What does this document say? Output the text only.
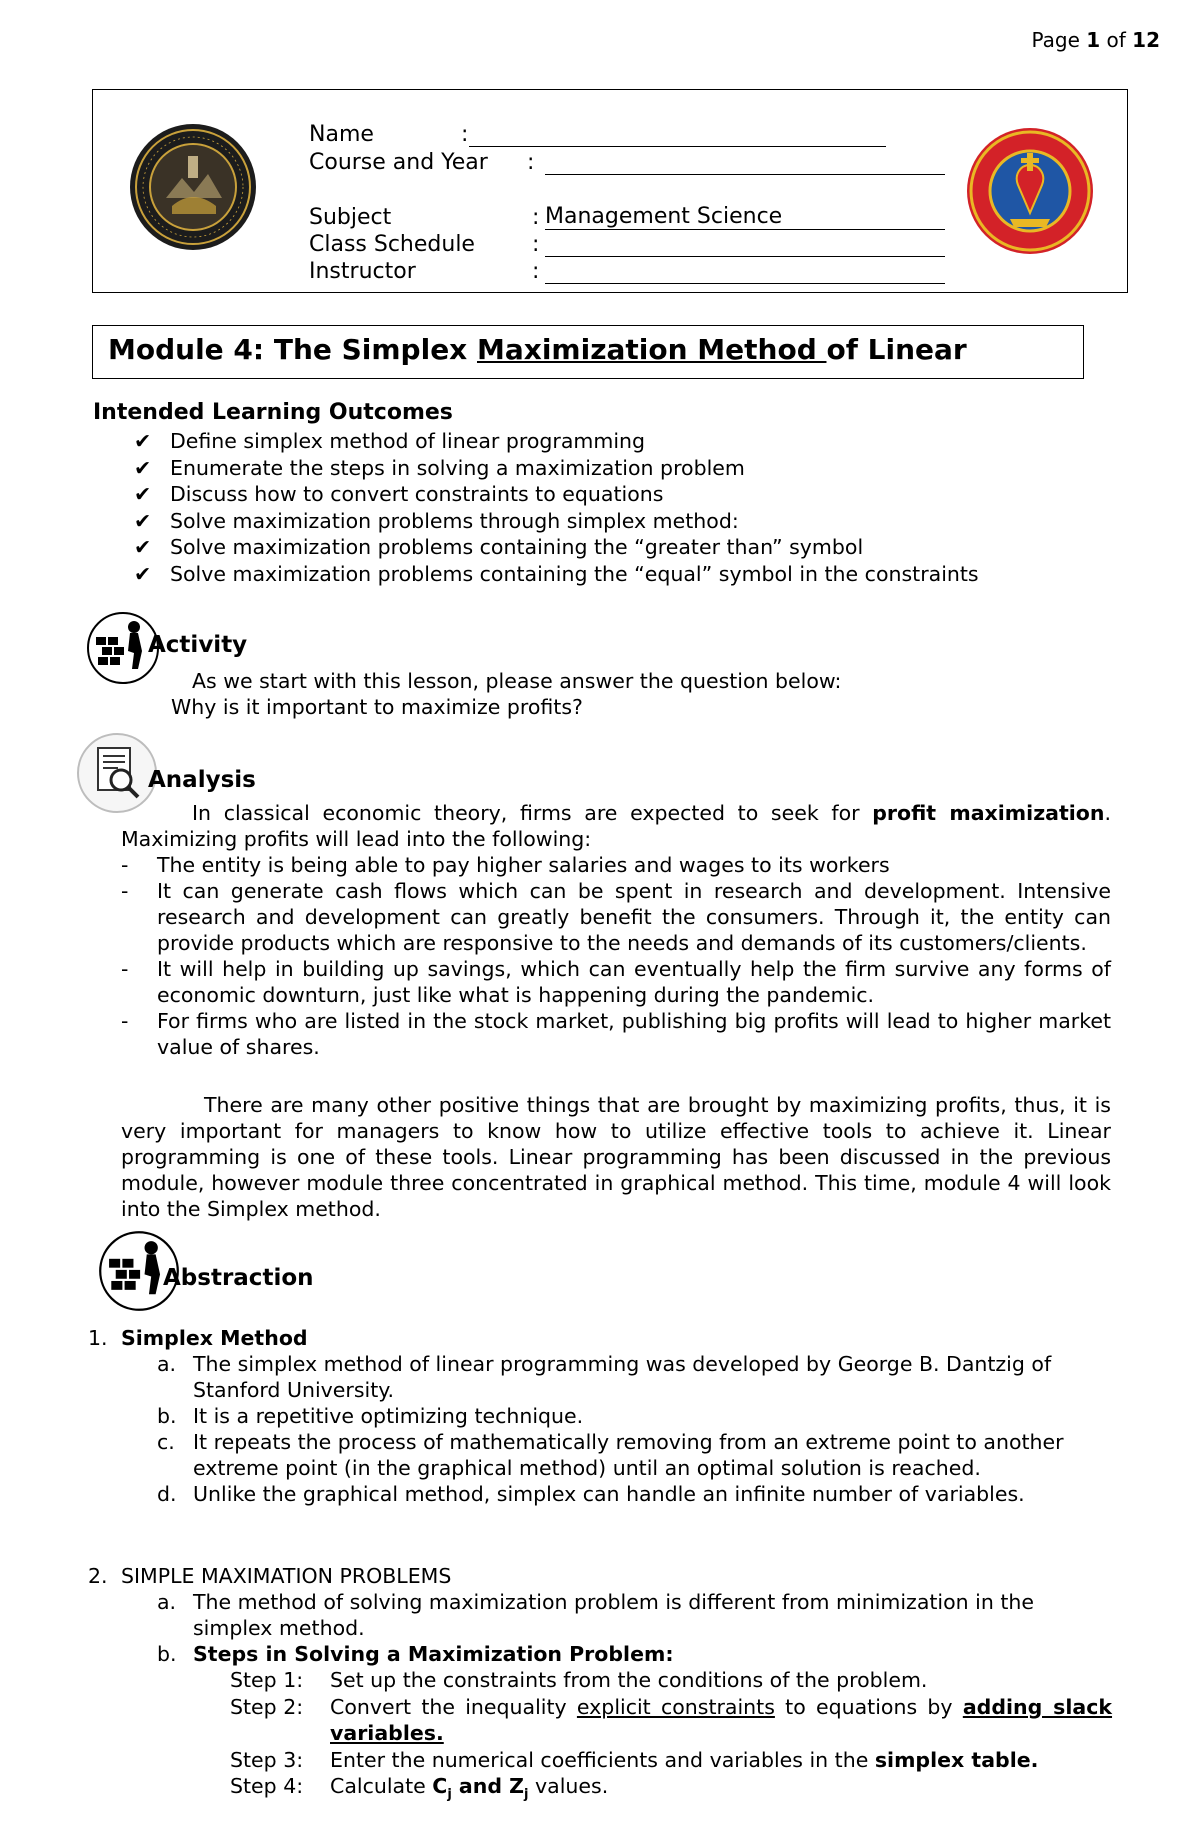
Page 1 of 12
Name	:
Course and Year :
Subject	: Management Science
Class Schedule	:
Instructor	:
Module 4: The Simplex Maximization Method of Linear
Intended Learning Outcomes
✔ Define simplex method of linear programming
✔ Enumerate the steps in solving a maximization problem
✔ Discuss how to convert constraints to equations
✔ Solve maximization problems through simplex method:
✔ Solve maximization problems containing the “greater than” symbol
✔ Solve maximization problems containing the “equal” symbol in the constraints
Activity
As we start with this lesson, please answer the question below:
Why is it important to maximize profits?
Analysis
In classical economic theory, firms are expected to seek for profit maximization. Maximizing profits will lead into the following:
- The entity is being able to pay higher salaries and wages to its workers
- It can generate cash flows which can be spent in research and development. Intensive research and development can greatly benefit the consumers. Through it, the entity can provide products which are responsive to the needs and demands of its customers/clients.
- It will help in building up savings, which can eventually help the firm survive any forms of economic downturn, just like what is happening during the pandemic.
- For firms who are listed in the stock market, publishing big profits will lead to higher market value of shares.
There are many other positive things that are brought by maximizing profits, thus, it is very important for managers to know how to utilize effective tools to achieve it. Linear programming is one of these tools. Linear programming has been discussed in the previous module, however module three concentrated in graphical method. This time, module 4 will look into the Simplex method.
Abstraction
1. Simplex Method
a. The simplex method of linear programming was developed by George B. Dantzig of Stanford University.
b. It is a repetitive optimizing technique.
c. It repeats the process of mathematically removing from an extreme point to another extreme point (in the graphical method) until an optimal solution is reached.
d. Unlike the graphical method, simplex can handle an infinite number of variables.
2. SIMPLE MAXIMATION PROBLEMS
a. The method of solving maximization problem is different from minimization in the simplex method.
b. Steps in Solving a Maximization Problem:
Step 1:	Set up the constraints from the conditions of the problem.
Step 2:	Convert the inequality explicit constraints to equations by adding slack variables.
Step 3:	Enter the numerical coefficients and variables in the simplex table.
Step 4:	Calculate $C_j$ and $Z_j$ values.
